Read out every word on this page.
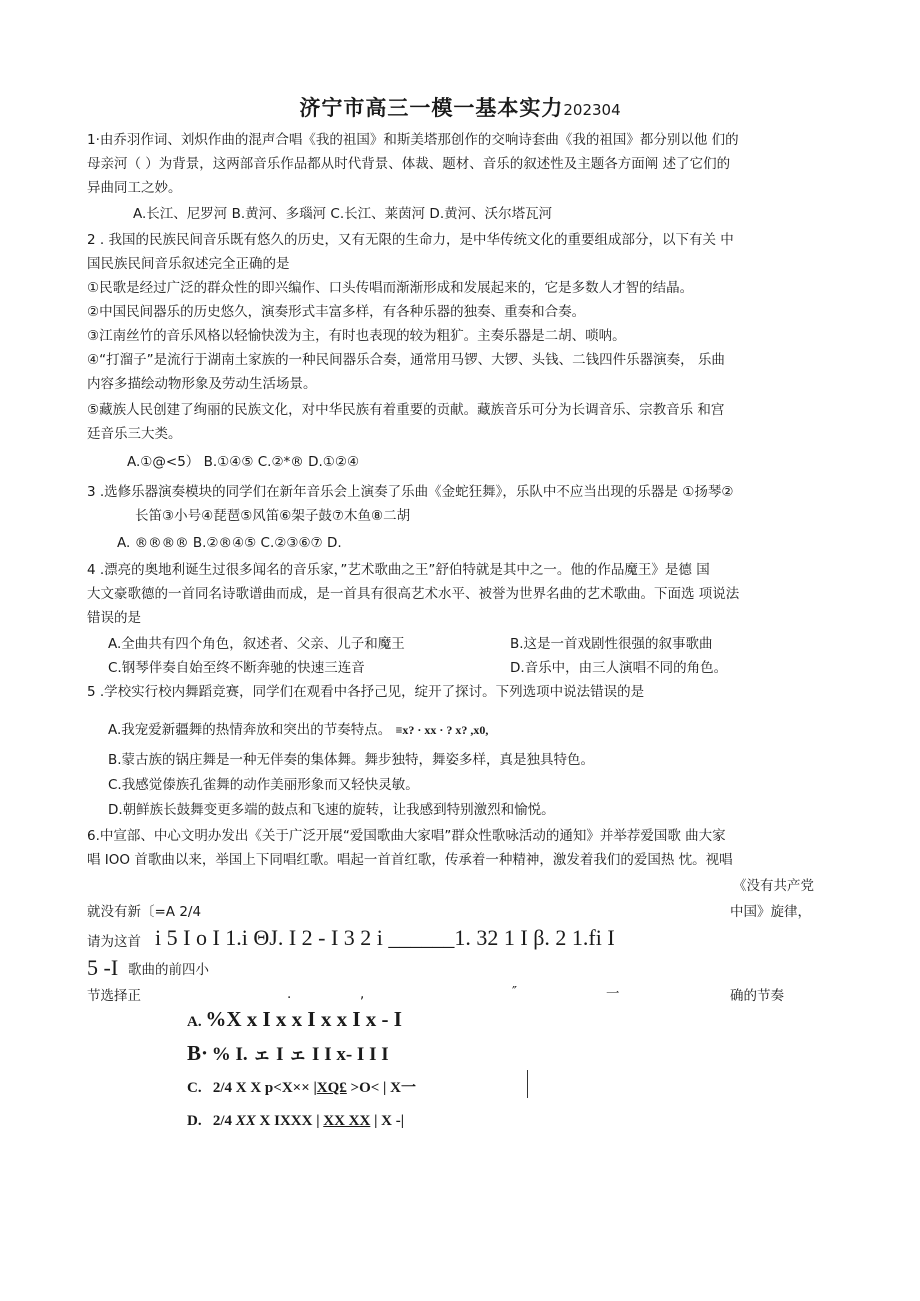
济宁市高三一模一基本实力202304
1·由乔羽作词、刘炽作曲的混声合唱《我的祖国》和斯美塔那创作的交响诗套曲《我的祖国》都分别以他 们的
母亲河（ ）为背景，这两部音乐作品都从时代背景、体裁、题材、音乐的叙述性及主题各方面阐 述了它们的
异曲同工之妙。
A.长江、尼罗河 B.黄河、多瑙河 C.长江、莱茵河 D.黄河、沃尔塔瓦河
2 . 我国的民族民间音乐既有悠久的历史，又有无限的生命力，是中华传统文化的重要组成部分，以下有关 中
国民族民间音乐叙述完全正确的是
①民歌是经过广泛的群众性的即兴编作、口头传唱而渐渐形成和发展起来的，它是多数人才智的结晶。
②中国民间器乐的历史悠久，演奏形式丰富多样，有各种乐器的独奏、重奏和合奏。
③江南丝竹的音乐风格以轻愉快泼为主，有时也表现的较为粗犷。主奏乐器是二胡、唢呐。
④“打溜子”是流行于湖南土家族的一种民间器乐合奏，通常用马锣、大锣、头钱、二钱四件乐器演奏， 乐曲
内容多描绘动物形象及劳动生活场景。
⑤藏族人民创建了绚丽的民族文化，对中华民族有着重要的贡献。藏族音乐可分为长调音乐、宗教音乐 和宫
廷音乐三大类。
A.①@<5） B.①④⑤ C.②*® D.①②④
3 .选修乐器演奏模块的同学们在新年音乐会上演奏了乐曲《金蛇狂舞》，乐队中不应当出现的乐器是 ①扬琴②
长笛③小号④琵琶⑤风笛⑥架子鼓⑦木鱼⑧二胡
A. ®®®® B.②®④⑤ C.②③⑥⑦ D.
4 .漂亮的奥地利诞生过很多闻名的音乐家，”艺术歌曲之王”舒伯特就是其中之一。他的作品魔王》是德 国
大文豪歌德的一首同名诗歌谱曲而成，是一首具有很高艺术水平、被誉为世界名曲的艺术歌曲。下面选 项说法
错误的是
A.全曲共有四个角色，叙述者、父亲、儿子和魔王	B.这是一首戏剧性很强的叙事歌曲
C.钢琴伴奏自始至终不断奔驰的快速三连音	D.音乐中，由三人演唱不同的角色。
5 .学校实行校内舞蹈竞赛，同学们在观看中各抒己见，绽开了探讨。下列选项中说法错误的是
A.我宠爱新疆舞的热情奔放和突出的节奏特点。 ≡x? · xx · ? x? ,x0,
B.蒙古族的锅庄舞是一种无伴奏的集体舞。舞步独特，舞姿多样，真是独具特色。
C.我感觉傣族孔雀舞的动作美丽形象而又轻快灵敏。
D.朝鲜族长鼓舞变更多端的鼓点和飞速的旋转，让我感到特别激烈和愉悦。
6.中宣部、中心文明办发出《关于广泛开展“爱国歌曲大家唱”群众性歌咏活动的通知》并举荐爱国歌 曲大家
唱 IOO 首歌曲以来，举国上下同唱红歌。唱起一首首红歌，传承着一种精神，激发着我们的爱国热 忱。视唱
《没有共产党
就没有新〔=A 2/4	中国》旋律，
请为这首 i 5 I o I 1.i ΘJ. I 2 - I 3 2 i ______1. 32 1 I β. 2 1.fi I
5 -I 歌曲的前四小
节选择正	.	,	″	一	确的节奏
A. %X x I x x I x x I x - I
B· % I. ェ I ェ I I x- I I I
C. 2/4 X X p<X×× |XQ£ >O< | X一
D. 2/4 XX X IXXX | XX XX | X -|
